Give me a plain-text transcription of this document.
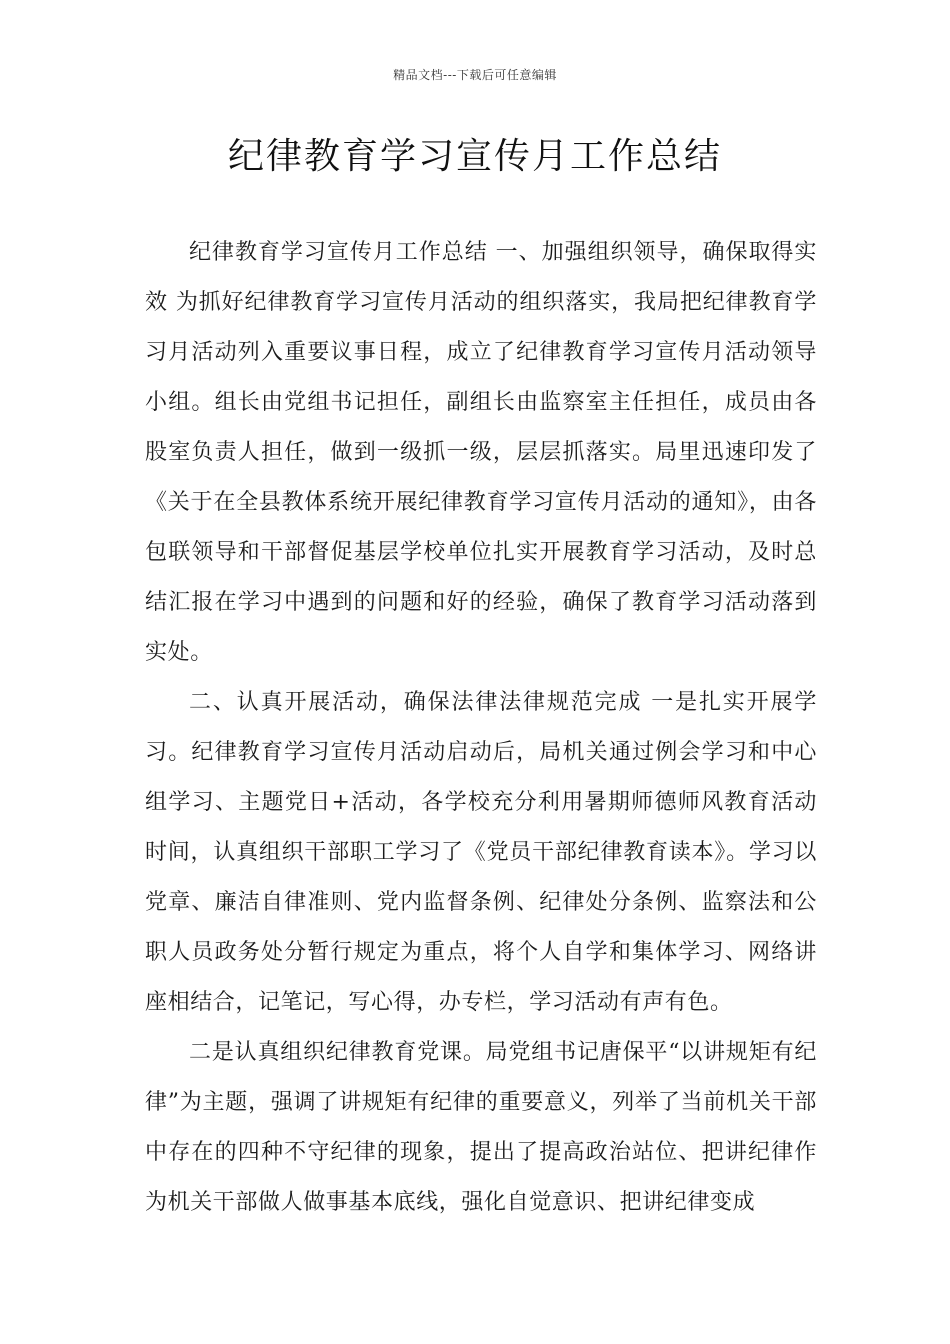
精品文档---下载后可任意编辑
纪律教育学习宣传月工作总结

纪律教育学习宣传月工作总结 一、加强组织领导，确保取得实效 为抓好纪律教育学习宣传月活动的组织落实，我局把纪律教育学习月活动列入重要议事日程，成立了纪律教育学习宣传月活动领导小组。组长由党组书记担任，副组长由监察室主任担任，成员由各股室负责人担任，做到一级抓一级，层层抓落实。局里迅速印发了《关于在全县教体系统开展纪律教育学习宣传月活动的通知》，由各包联领导和干部督促基层学校单位扎实开展教育学习活动，及时总结汇报在学习中遇到的问题和好的经验，确保了教育学习活动落到实处。

二、认真开展活动，确保法律法律规范完成 一是扎实开展学习。纪律教育学习宣传月活动启动后，局机关通过例会学习和中心组学习、主题党日+活动，各学校充分利用暑期师德师风教育活动时间，认真组织干部职工学习了《党员干部纪律教育读本》。学习以党章、廉洁自律准则、党内监督条例、纪律处分条例、监察法和公职人员政务处分暂行规定为重点，将个人自学和集体学习、网络讲座相结合，记笔记，写心得，办专栏，学习活动有声有色。

二是认真组织纪律教育党课。局党组书记唐保平“以讲规矩有纪律”为主题，强调了讲规矩有纪律的重要意义，列举了当前机关干部中存在的四种不守纪律的现象，提出了提高政治站位、把讲纪律作为机关干部做人做事基本底线，强化自觉意识、把讲纪律变成
